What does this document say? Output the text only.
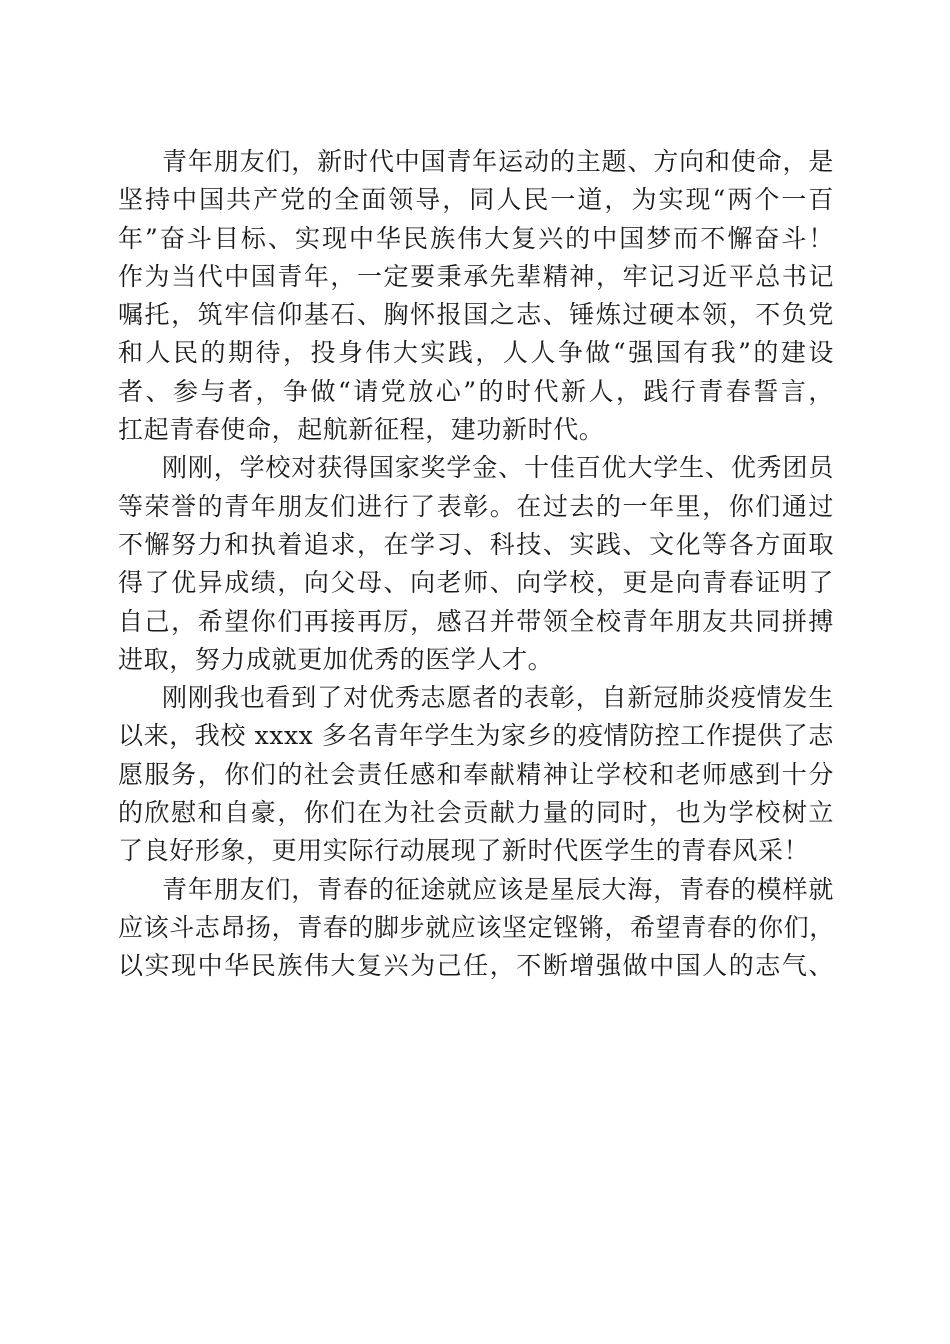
青年朋友们，新时代中国青年运动的主题、方向和使命，是
坚持中国共产党的全面领导，同人民一道，为实现“两个一百
年”奋斗目标、实现中华民族伟大复兴的中国梦而不懈奋斗！
作为当代中国青年，一定要秉承先辈精神，牢记习近平总书记
嘱托，筑牢信仰基石、胸怀报国之志、锤炼过硬本领，不负党
和人民的期待，投身伟大实践，人人争做“强国有我”的建设
者、参与者，争做“请党放心”的时代新人，践行青春誓言，
扛起青春使命，起航新征程，建功新时代。
刚刚，学校对获得国家奖学金、十佳百优大学生、优秀团员
等荣誉的青年朋友们进行了表彰。在过去的一年里，你们通过
不懈努力和执着追求，在学习、科技、实践、文化等各方面取
得了优异成绩，向父母、向老师、向学校，更是向青春证明了
自己，希望你们再接再厉，感召并带领全校青年朋友共同拼搏
进取，努力成就更加优秀的医学人才。
刚刚我也看到了对优秀志愿者的表彰，自新冠肺炎疫情发生
以来，我校 xxxx 多名青年学生为家乡的疫情防控工作提供了志
愿服务，你们的社会责任感和奉献精神让学校和老师感到十分
的欣慰和自豪，你们在为社会贡献力量的同时，也为学校树立
了良好形象，更用实际行动展现了新时代医学生的青春风采！
青年朋友们，青春的征途就应该是星辰大海，青春的模样就
应该斗志昂扬，青春的脚步就应该坚定铿锵，希望青春的你们，
以实现中华民族伟大复兴为己任，不断增强做中国人的志气、
